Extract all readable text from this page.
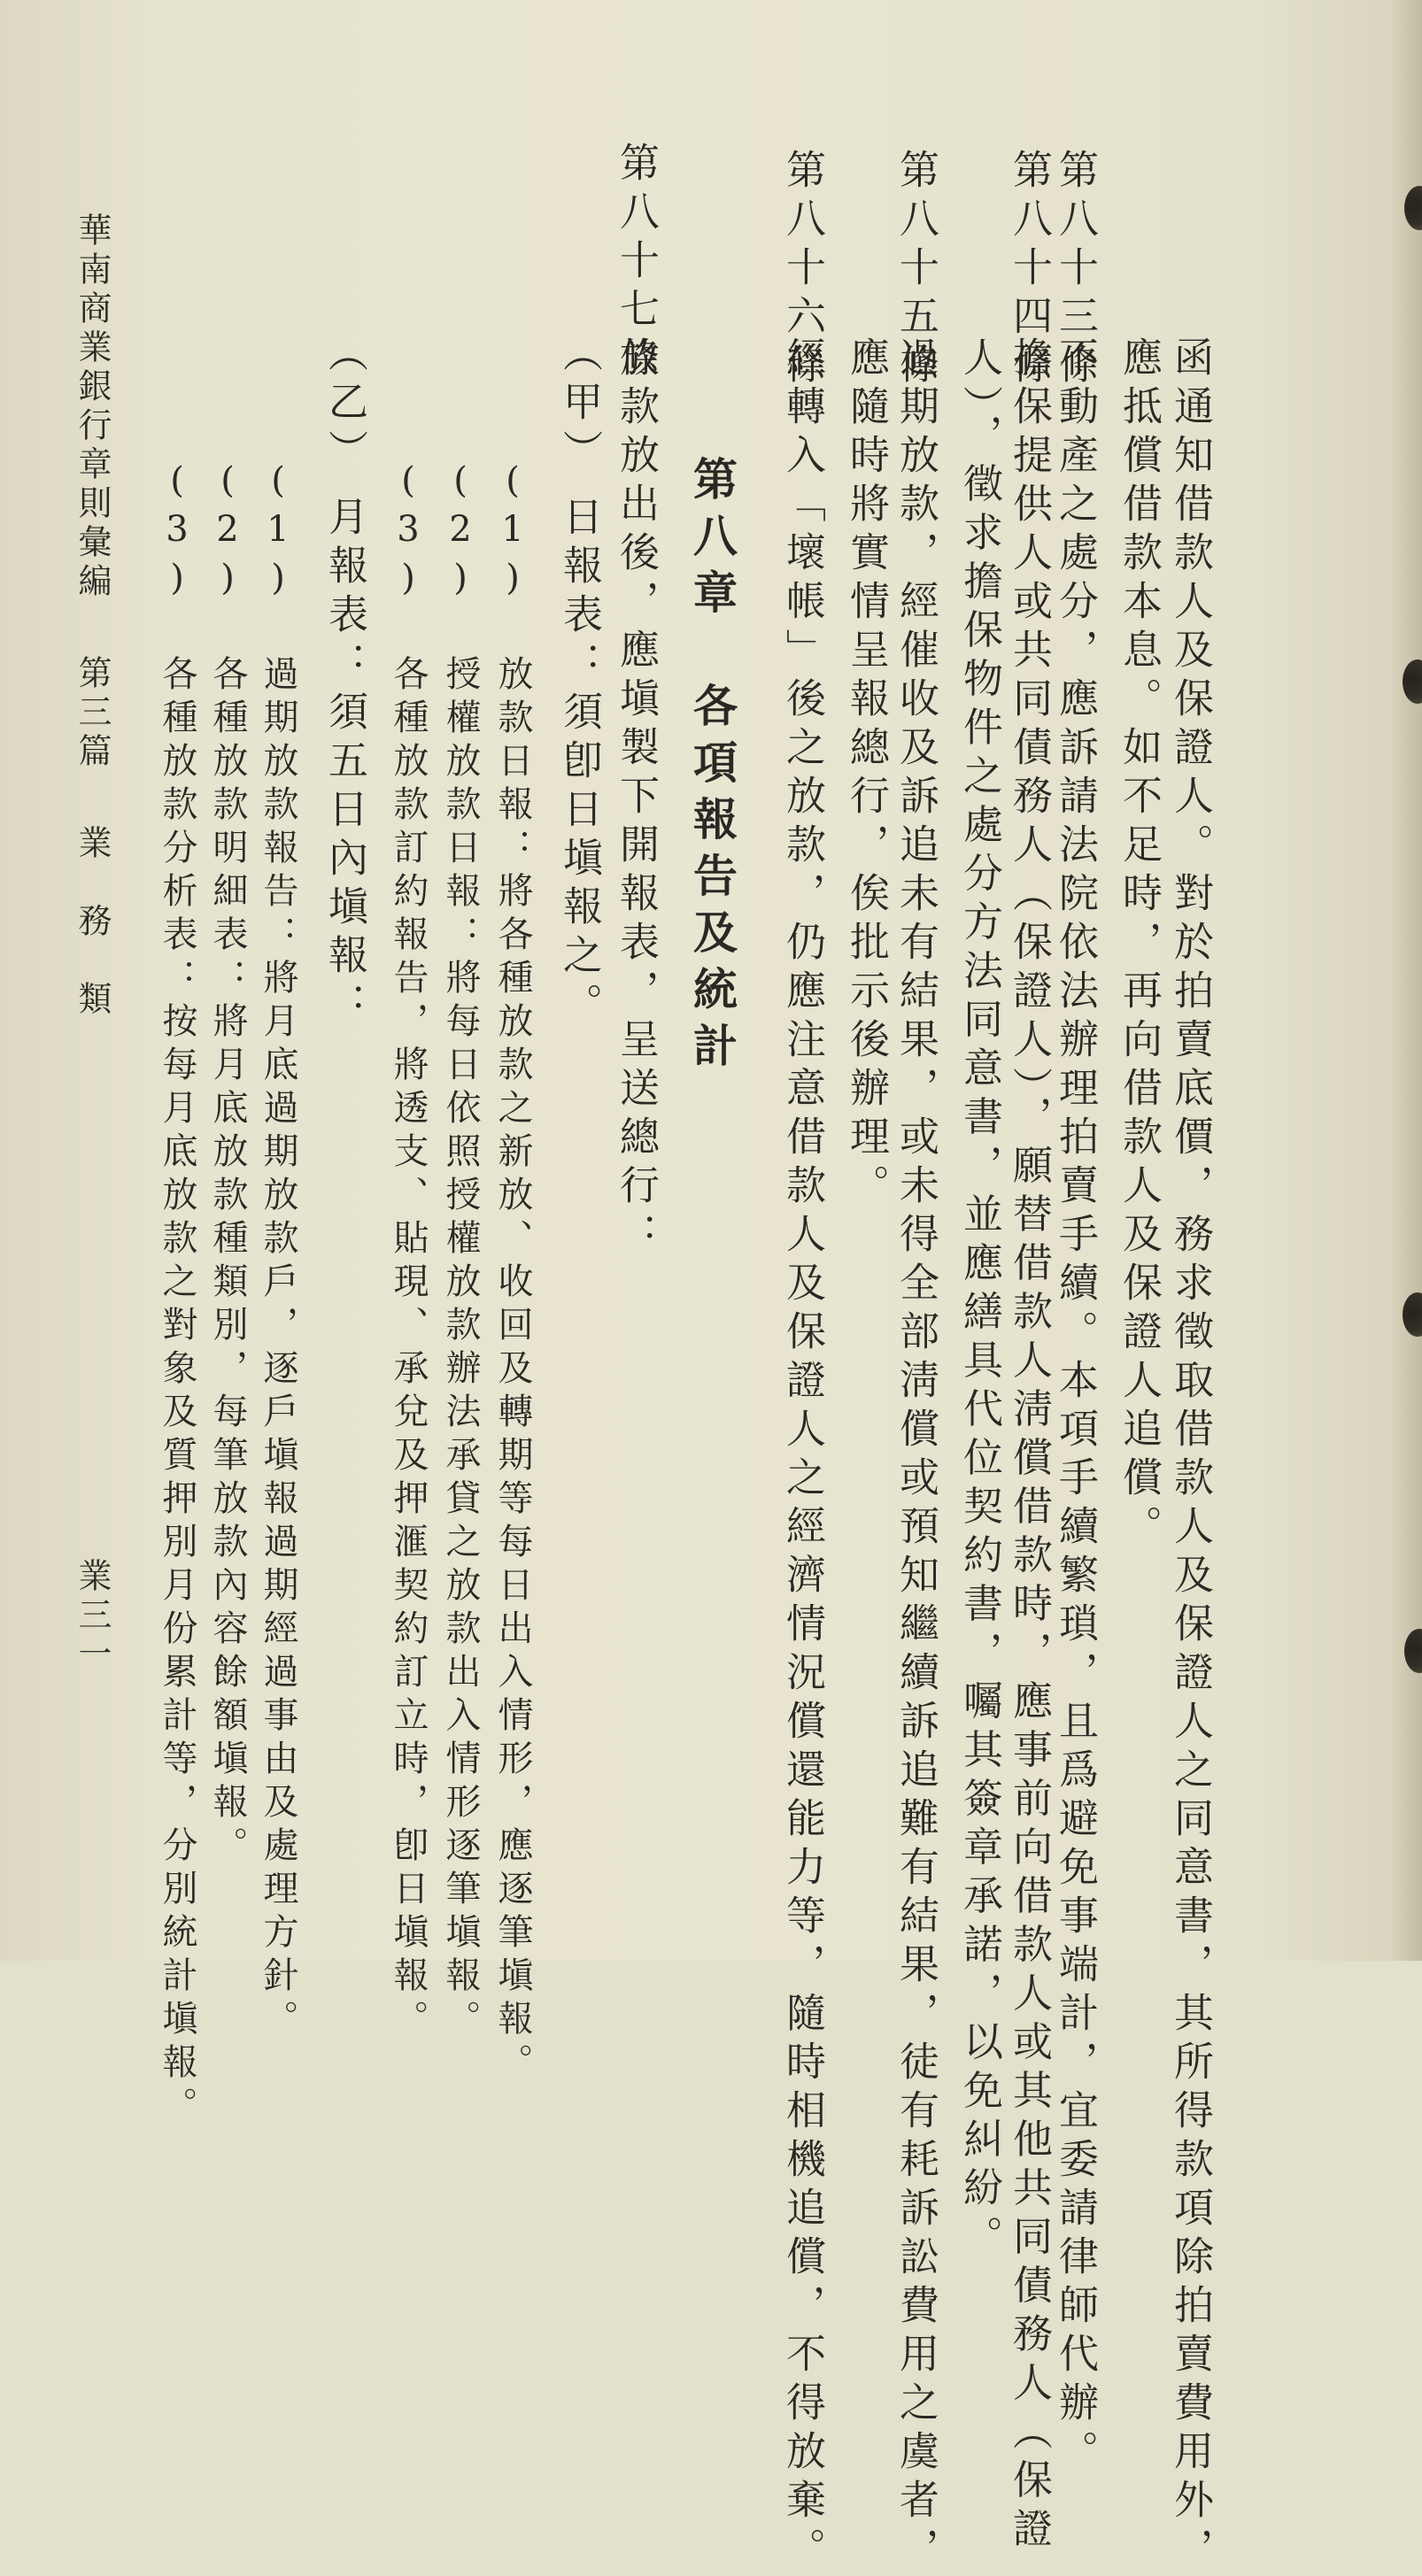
函通知借款人及保證人。對於拍賣底價，務求徵取借款人及保證人之同意書，其所得款項除拍賣費用外，
應抵償借款本息。如不足時，再向借款人及保證人追償。
第八十三條
不動產之處分，應訴請法院依法辦理拍賣手續。本項手續繁瑣，且爲避免事端計，宜委請律師代辦。
第八十四條
擔保提供人或共同債務人（保證人），願替借款人淸償借款時，應事前向借款人或其他共同債務人（保證
人），徵求擔保物件之處分方法同意書，並應繕具代位契約書，囑其簽章承諾，以免糾紛。
第八十五條
過期放款，經催收及訴追未有結果，或未得全部淸償或預知繼續訴追難有結果，徒有耗訴訟費用之虞者，
應隨時將實情呈報總行，俟批示後辦理。
第八十六條
經轉入「壞帳」後之放款，仍應注意借款人及保證人之經濟情況償還能力等，隨時相機追償，不得放棄。
第八章　各項報告及統計
第八十七條
放款放出後，應塡製下開報表，呈送總行：
（甲）
日報表：須卽日塡報之。
(1) 放款日報：將各種放款之新放、收回及轉期等每日出入情形，應逐筆塡報。
(2) 授權放款日報：將每日依照授權放款辦法承貸之放款出入情形逐筆塡報。
(3) 各種放款訂約報告，將透支、貼現、承兌及押滙契約訂立時，卽日塡報。
（乙）
月報表：須五日內塡報：
(1) 過期放款報告：將月底過期放款戶，逐戶塡報過期經過事由及處理方針。
(2) 各種放款明細表：將月底放款種類別，每筆放款內容餘額塡報。
(3) 各種放款分析表：按每月底放款之對象及質押別月份累計等，分別統計塡報。
華南商業銀行章則彙編第三篇業　務　類
業三一
